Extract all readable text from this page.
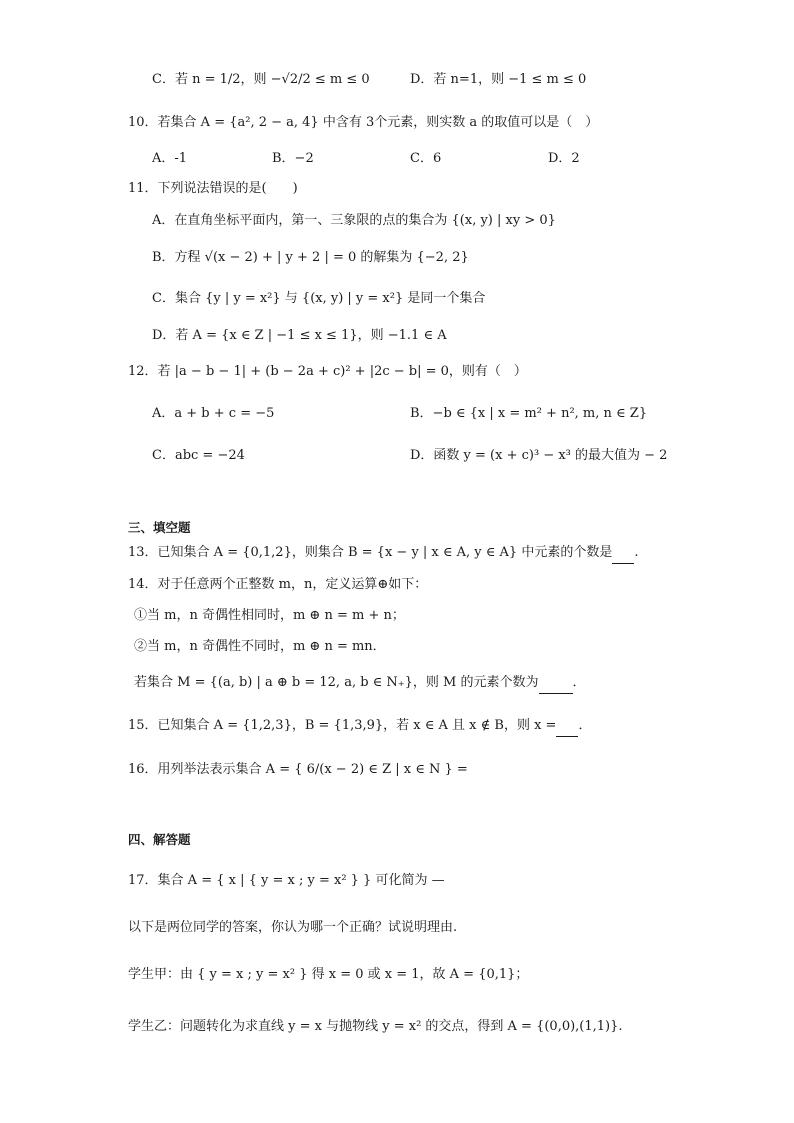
C．若 n = 1/2，则 −√2/2 ≤ m ≤ 0	D．若 n=1，则 −1 ≤ m ≤ 0
10．若集合 A = {a², 2 − a, 4} 中含有 3个元素，则实数 a 的取值可以是（　）
A．-1	B．−2	C．6	D．2
11．下列说法错误的是(　　)
A．在直角坐标平面内，第一、三象限的点的集合为 {(x, y) | xy > 0}
B．方程 √(x − 2) + | y + 2 | = 0 的解集为 {−2, 2}
C．集合 {y | y = x²} 与 {(x, y) | y = x²} 是同一个集合
D．若 A = {x ∈ Z | −1 ≤ x ≤ 1}，则 −1.1 ∈ A
12．若 |a − b − 1| + (b − 2a + c)² + |2c − b| = 0，则有（　）
A．a + b + c = −5	B．−b ∈ {x | x = m² + n², m, n ∈ Z}
C．abc = −24	D．函数 y = (x + c)³ − x³ 的最大值为 − 2
三、填空题
13．已知集合 A = {0,1,2}，则集合 B = {x − y | x ∈ A, y ∈ A} 中元素的个数是 .
14．对于任意两个正整数 m，n，定义运算⊕如下：
①当 m，n 奇偶性相同时，m ⊕ n = m + n；
②当 m，n 奇偶性不同时，m ⊕ n = mn．
若集合 M = {(a, b) | a ⊕ b = 12, a, b ∈ N₊}，则 M 的元素个数为	．
15．已知集合 A = {1,2,3}，B = {1,3,9}，若 x ∈ A 且 x ∉ B，则 x = ．
16．用列举法表示集合 A = { 6/(x − 2) ∈ Z | x ∈ N } =
四、解答题
17．集合 A = { x | { y = x ; y = x² } } 可化简为 —
以下是两位同学的答案，你认为哪一个正确？试说明理由.
学生甲：由 { y = x ; y = x² } 得 x = 0 或 x = 1，故 A = {0,1}；
学生乙：问题转化为求直线 y = x 与抛物线 y = x² 的交点，得到 A = {(0,0),(1,1)}.
